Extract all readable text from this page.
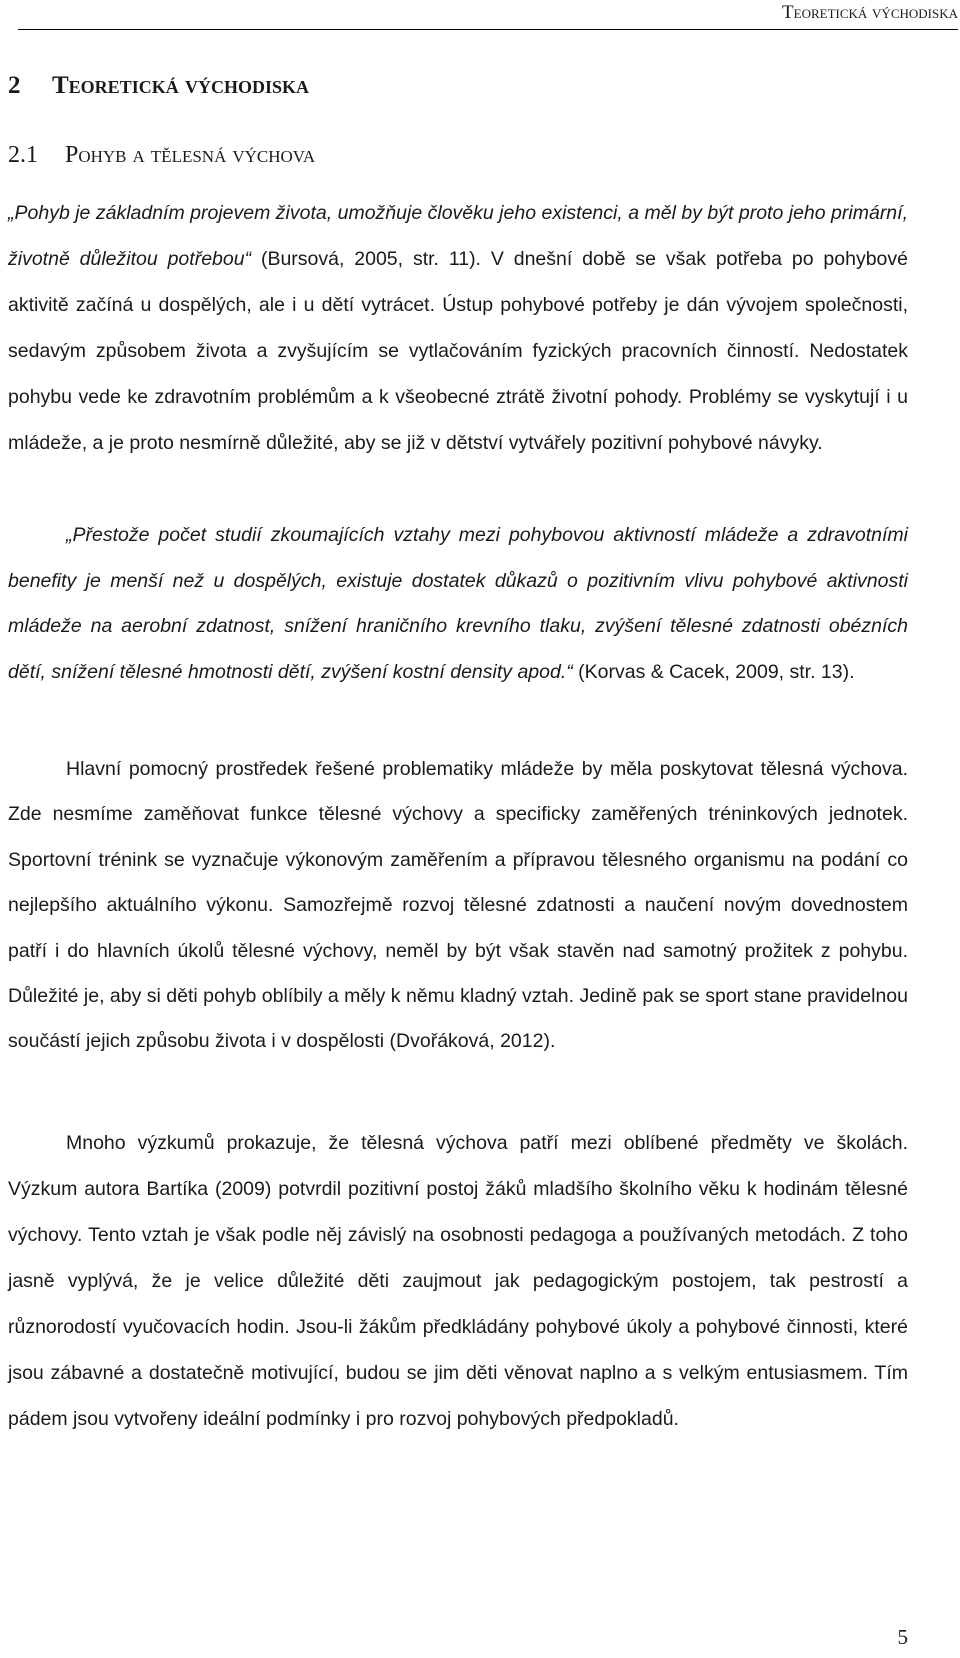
Teoretická východiska
2 Teoretická východiska
2.1 Pohyb a tělesná výchova

„Pohyb je základním projevem života, umožňuje člověku jeho existenci, a měl by být proto jeho primární, životně důležitou potřebou“ (Bursová, 2005, str. 11). V dnešní době se však potřeba po pohybové aktivitě začíná u dospělých, ale i u dětí vytrácet. Ústup pohybové potřeby je dán vývojem společnosti, sedavým způsobem života a zvyšujícím se vytlačováním fyzických pracovních činností. Nedostatek pohybu vede ke zdravotním problémům a k všeobecné ztrátě životní pohody. Problémy se vyskytují i u mládeže, a je proto nesmírně důležité, aby se již v dětství vytvářely pozitivní pohybové návyky.

„Přestože počet studií zkoumajících vztahy mezi pohybovou aktivností mládeže a zdravotními benefity je menší než u dospělých, existuje dostatek důkazů o pozitivním vlivu pohybové aktivnosti mládeže na aerobní zdatnost, snížení hraničního krevního tlaku, zvýšení tělesné zdatnosti obézních dětí, snížení tělesné hmotnosti dětí, zvýšení kostní density apod.“ (Korvas & Cacek, 2009, str. 13).

Hlavní pomocný prostředek řešené problematiky mládeže by měla poskytovat tělesná výchova. Zde nesmíme zaměňovat funkce tělesné výchovy a specificky zaměřených tréninkových jednotek. Sportovní trénink se vyznačuje výkonovým zaměřením a přípravou tělesného organismu na podání co nejlepšího aktuálního výkonu. Samozřejmě rozvoj tělesné zdatnosti a naučení novým dovednostem patří i do hlavních úkolů tělesné výchovy, neměl by být však stavěn nad samotný prožitek z pohybu. Důležité je, aby si děti pohyb oblíbily a měly k němu kladný vztah. Jedině pak se sport stane pravidelnou součástí jejich způsobu života i v dospělosti (Dvořáková, 2012).

Mnoho výzkumů prokazuje, že tělesná výchova patří mezi oblíbené předměty ve školách. Výzkum autora Bartíka (2009) potvrdil pozitivní postoj žáků mladšího školního věku k hodinám tělesné výchovy. Tento vztah je však podle něj závislý na osobnosti pedagoga a používaných metodách. Z toho jasně vyplývá, že je velice důležité děti zaujmout jak pedagogickým postojem, tak pestrostí a různorodostí vyučovacích hodin. Jsou-li žákům předkládány pohybové úkoly a pohybové činnosti, které jsou zábavné a dostatečně motivující, budou se jim děti věnovat naplno a s velkým entusiasmem. Tím pádem jsou vytvořeny ideální podmínky i pro rozvoj pohybových předpokladů.

5
